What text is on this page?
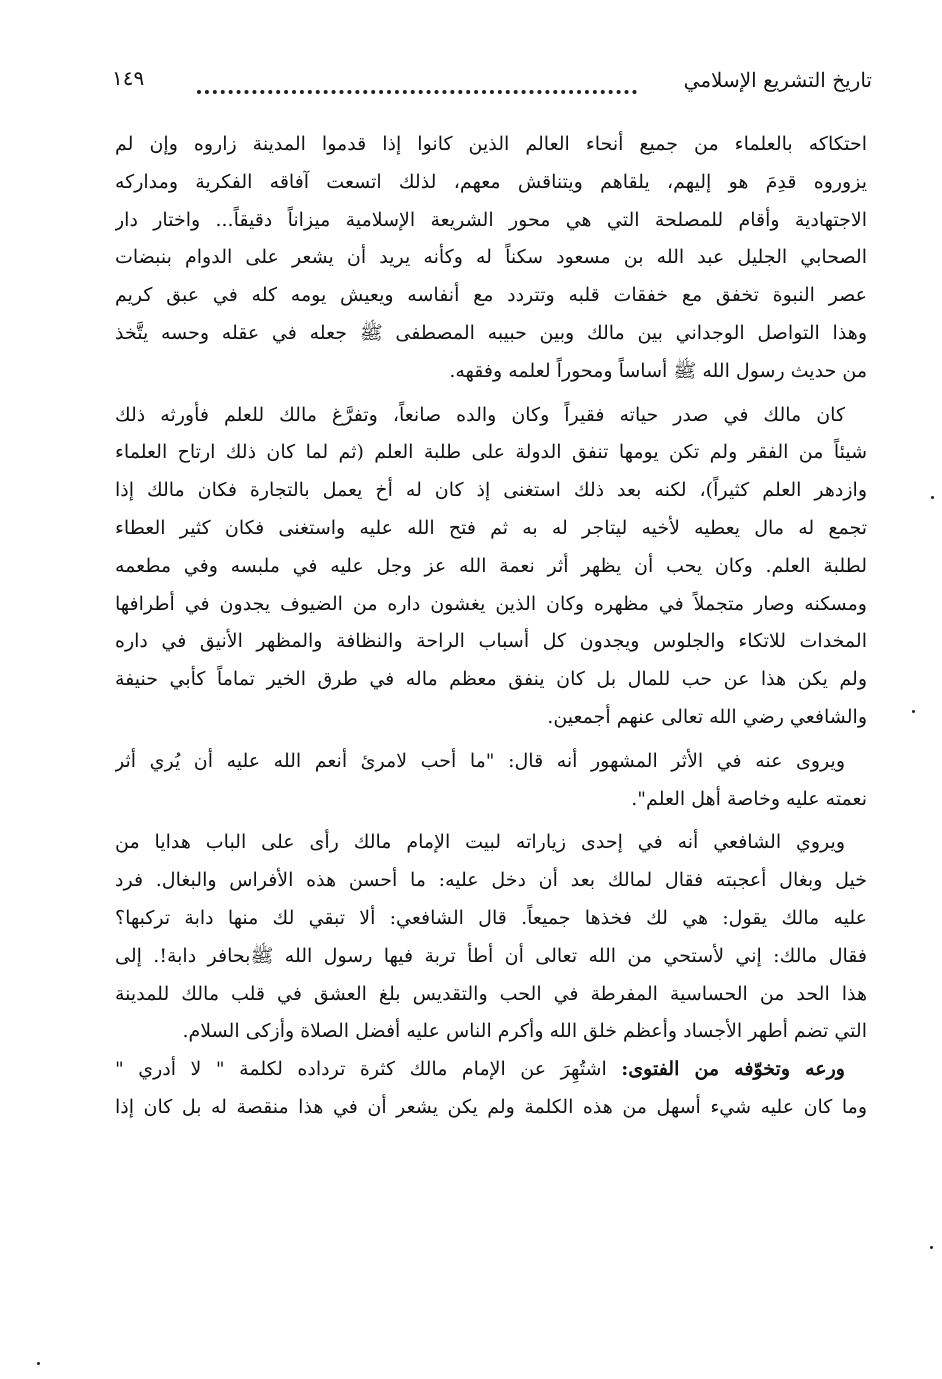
تاريخ التشريع الإسلامي
١٤٩
احتكاكه بالعلماء من جميع أنحاء العالم الذين كانوا إذا قدموا المدينة زاروه وإن لم
يزوروه قدِمَ هو إليهم، يلقاهم ويتناقش معهم، لذلك اتسعت آفاقه الفكرية ومداركه
الاجتهادية وأقام للمصلحة التي هي محور الشريعة الإسلامية ميزاناً دقيقاً... واختار دار
الصحابي الجليل عبد الله بن مسعود سكناً له وكأنه يريد أن يشعر على الدوام بنبضات
عصر النبوة تخفق مع خفقات قلبه وتتردد مع أنفاسه ويعيش يومه كله في عبق كريم
وهذا التواصل الوجداني بين مالك وبين حبيبه المصطفى ﷺ جعله في عقله وحسه يتَّخذ
من حديث رسول الله ﷺ أساساً ومحوراً لعلمه وفقهه.
كان مالك في صدر حياته فقيراً وكان والده صانعاً، وتفرَّغ مالك للعلم فأورثه ذلك
شيئاً من الفقر ولم تكن يومها تنفق الدولة على طلبة العلم (ثم لما كان ذلك ارتاح العلماء
وازدهر العلم كثيراً)، لكنه بعد ذلك استغنى إذ كان له أخ يعمل بالتجارة فكان مالك إذا
تجمع له مال يعطيه لأخيه ليتاجر له به ثم فتح الله عليه واستغنى فكان كثير العطاء
لطلبة العلم. وكان يحب أن يظهر أثر نعمة الله عز وجل عليه في ملبسه وفي مطعمه
ومسكنه وصار متجملاً في مظهره وكان الذين يغشون داره من الضيوف يجدون في أطرافها
المخدات للاتكاء والجلوس ويجدون كل أسباب الراحة والنظافة والمظهر الأنيق في داره
ولم يكن هذا عن حب للمال بل كان ينفق معظم ماله في طرق الخير تماماً كأبي حنيفة
والشافعي رضي الله تعالى عنهم أجمعين.
ويروى عنه في الأثر المشهور أنه قال: "ما أحب لامرئ أنعم الله عليه أن يُري أثر
نعمته عليه وخاصة أهل العلم".
ويروي الشافعي أنه في إحدى زياراته لبيت الإمام مالك رأى على الباب هدايا من
خيل وبغال أعجبته فقال لمالك بعد أن دخل عليه: ما أحسن هذه الأفراس والبغال. فرد
عليه مالك يقول: هي لك فخذها جميعاً. قال الشافعي: ألا تبقي لك منها دابة تركبها؟
فقال مالك: إني لأستحي من الله تعالى أن أطأ تربة فيها رسول الله ﷺبحافر دابة!. إلى
هذا الحد من الحساسية المفرطة في الحب والتقديس بلغ العشق في قلب مالك للمدينة
التي تضم أطهر الأجساد وأعظم خلق الله وأكرم الناس عليه أفضل الصلاة وأزكى السلام.
ورعه وتخوّفه من الفتوى: اشتُهِرَ عن الإمام مالك كثرة ترداده لكلمة " لا أدري "
وما كان عليه شيء أسهل من هذه الكلمة ولم يكن يشعر أن في هذا منقصة له بل كان إذا
